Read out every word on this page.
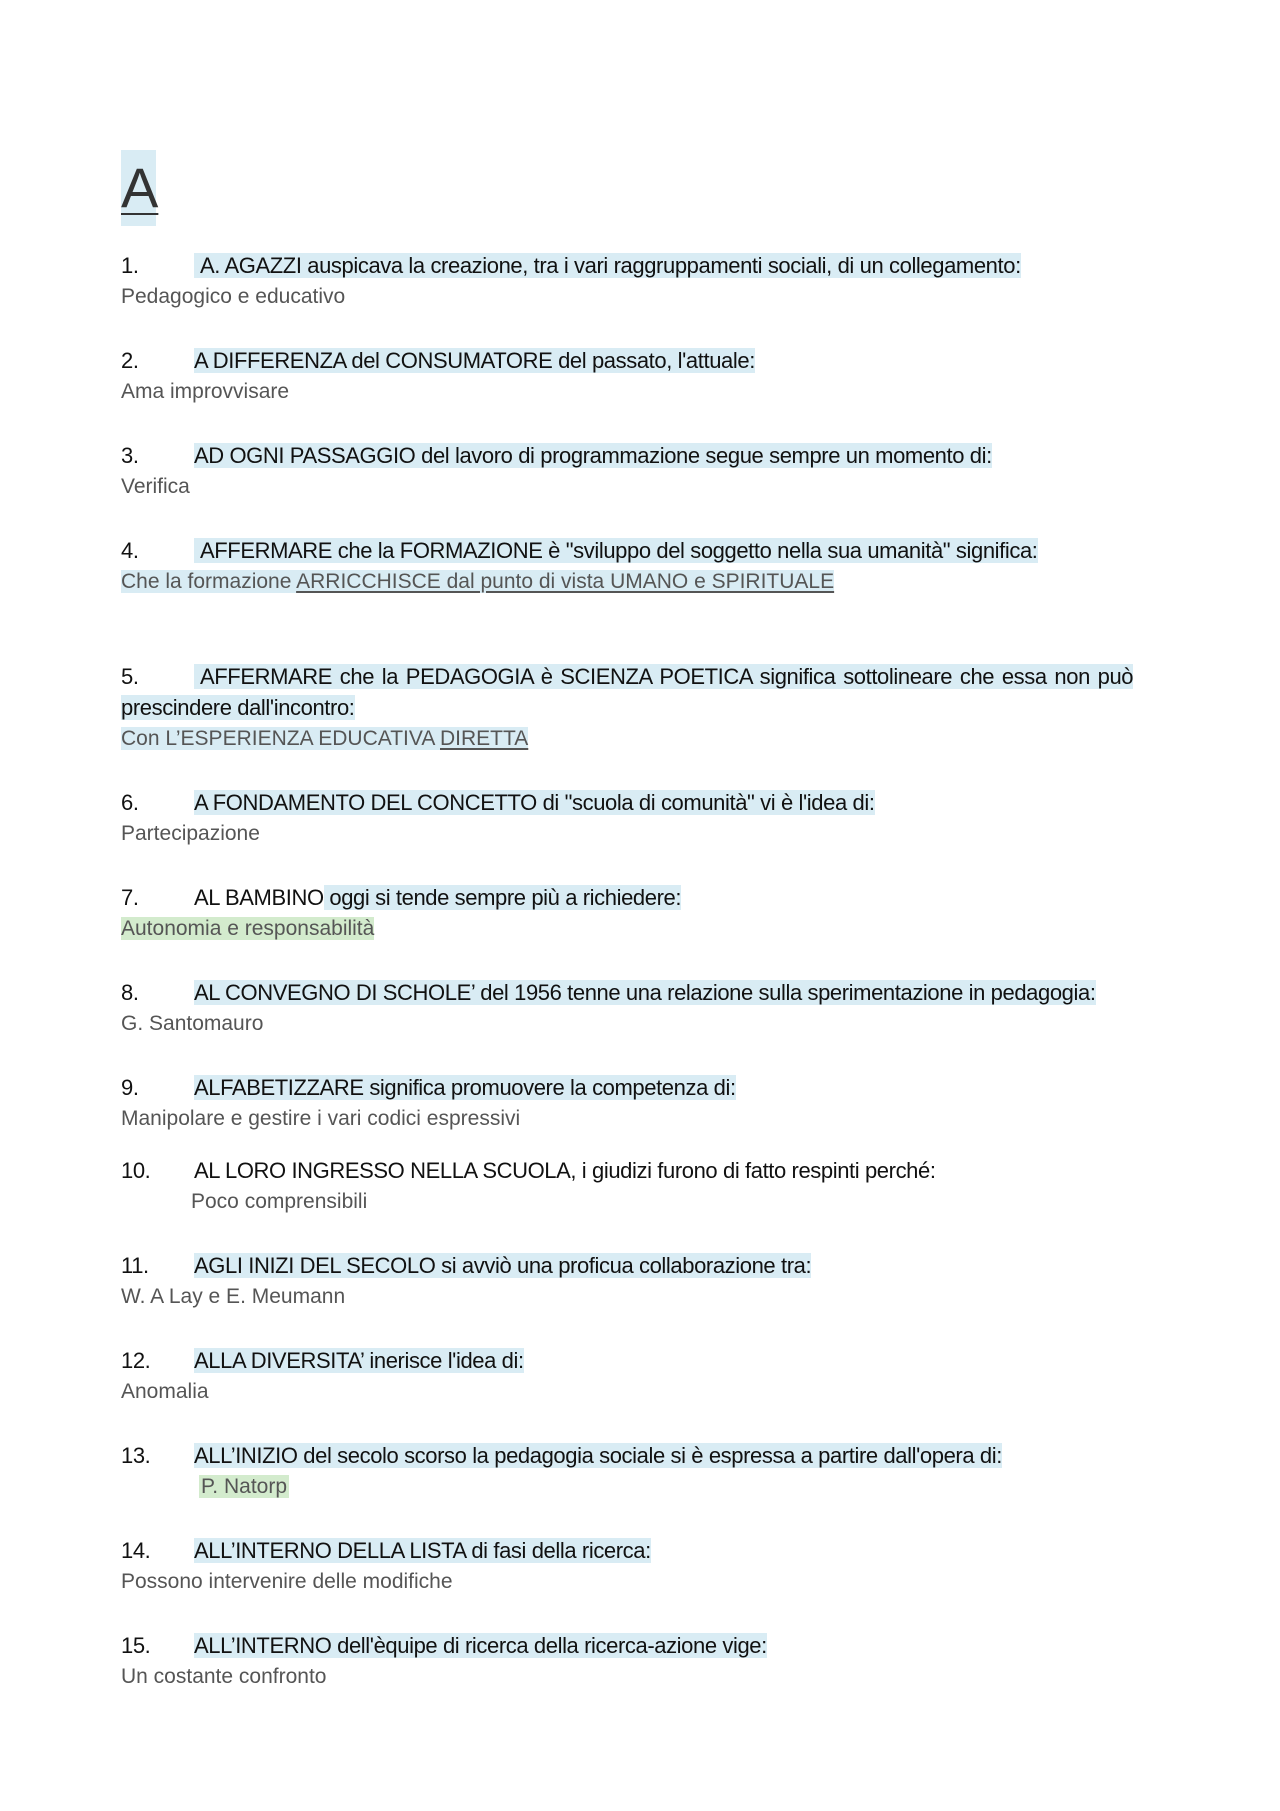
A
1.	A. AGAZZI auspicava la creazione, tra i vari raggruppamenti sociali, di un collegamento:
Pedagogico e educativo
2.	A DIFFERENZA del CONSUMATORE del passato, l'attuale:
Ama improvvisare
3.	AD OGNI PASSAGGIO del lavoro di programmazione segue sempre un momento di:
Verifica
4.	AFFERMARE che la FORMAZIONE è "sviluppo del soggetto nella sua umanità" significa:
Che la formazione ARRICCHISCE dal punto di vista UMANO e SPIRITUALE
5.	AFFERMARE che la PEDAGOGIA è SCIENZA POETICA significa sottolineare che essa non può
prescindere dall'incontro:
Con L’ESPERIENZA EDUCATIVA DIRETTA
6.	A FONDAMENTO DEL CONCETTO di "scuola di comunità" vi è l'idea di:
Partecipazione
7.	AL BAMBINO oggi si tende sempre più a richiedere:
Autonomia e responsabilità
8.	AL CONVEGNO DI SCHOLE’ del 1956 tenne una relazione sulla sperimentazione in pedagogia:
G. Santomauro
9.	ALFABETIZZARE significa promuovere la competenza di:
Manipolare e gestire i vari codici espressivi
10. AL LORO INGRESSO NELLA SCUOLA, i giudizi furono di fatto respinti perché:
Poco comprensibili
11. AGLI INIZI DEL SECOLO si avviò una proficua collaborazione tra:
W. A Lay e E. Meumann
12. ALLA DIVERSITA’ inerisce l'idea di:
Anomalia
13. ALL’INIZIO del secolo scorso la pedagogia sociale si è espressa a partire dall'opera di:
P. Natorp
14. ALL’INTERNO DELLA LISTA di fasi della ricerca:
Possono intervenire delle modifiche
15. ALL’INTERNO dell'èquipe di ricerca della ricerca-azione vige:
Un costante confronto
